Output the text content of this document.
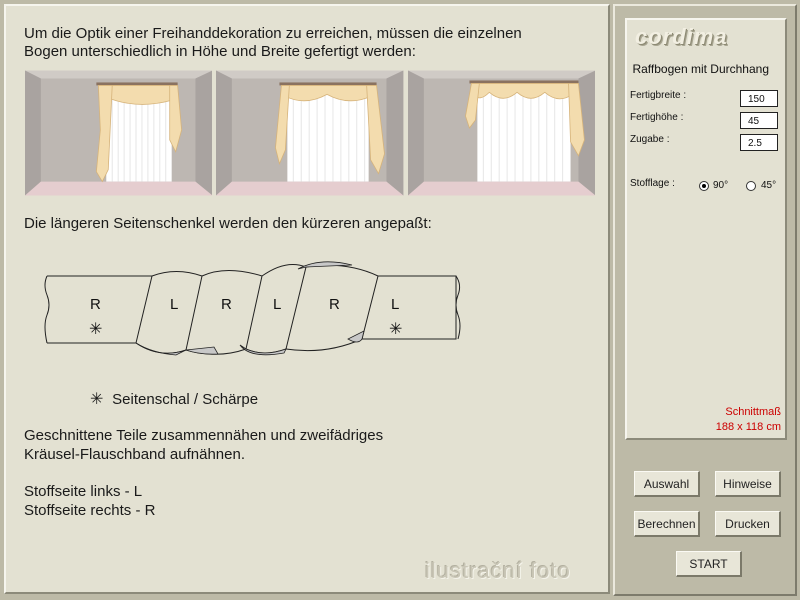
Um die Optik einer Freihanddekoration zu erreichen, müssen die einzelnen
Bogen unterschiedlich in Höhe und Breite gefertigt werden:

Die längeren Seitenschenkel werden den kürzeren angepaßt:
R	L	R	L	R	L
✳	✳
✳ Seitenschal / Schärpe

Geschnittene Teile zusammennähen und zweifädriges
Kräusel-Flauschband aufnähnen.

Stoffseite links - L
Stoffseite rechts - R
ilustrační foto
cordima
Raffbogen mit Durchhang
Fertigbreite :
150
Fertighöhe :
45
Zugabe :
2.5
Stofflage :	90°	45°
Schnittmaß
188 x 118 cm
Auswahl	Hinweise
Berechnen	Drucken
START
